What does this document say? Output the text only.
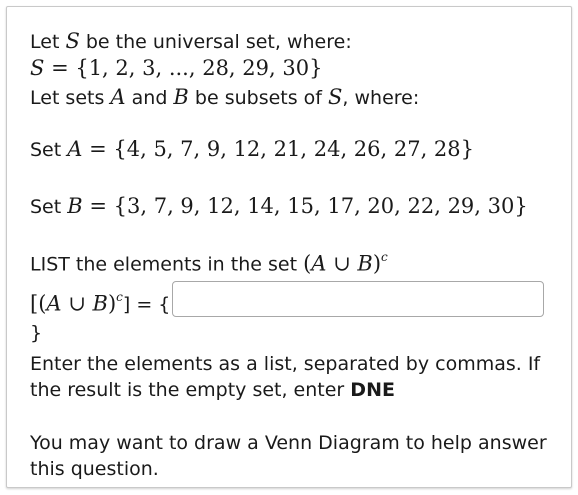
Let S be the universal set, where:
S = {1, 2, 3, ..., 28, 29, 30}
Let sets A and B be subsets of S, where:
Set A = {4, 5, 7, 9, 12, 21, 24, 26, 27, 28}
Set B = {3, 7, 9, 12, 14, 15, 17, 20, 22, 29, 30}
LIST the elements in the set (A ∪ B)$^c$
[(A ∪ B)$^c$] = {
}
Enter the elements as a list, separated by commas. If
the result is the empty set, enter DNE
You may want to draw a Venn Diagram to help answer
this question.
